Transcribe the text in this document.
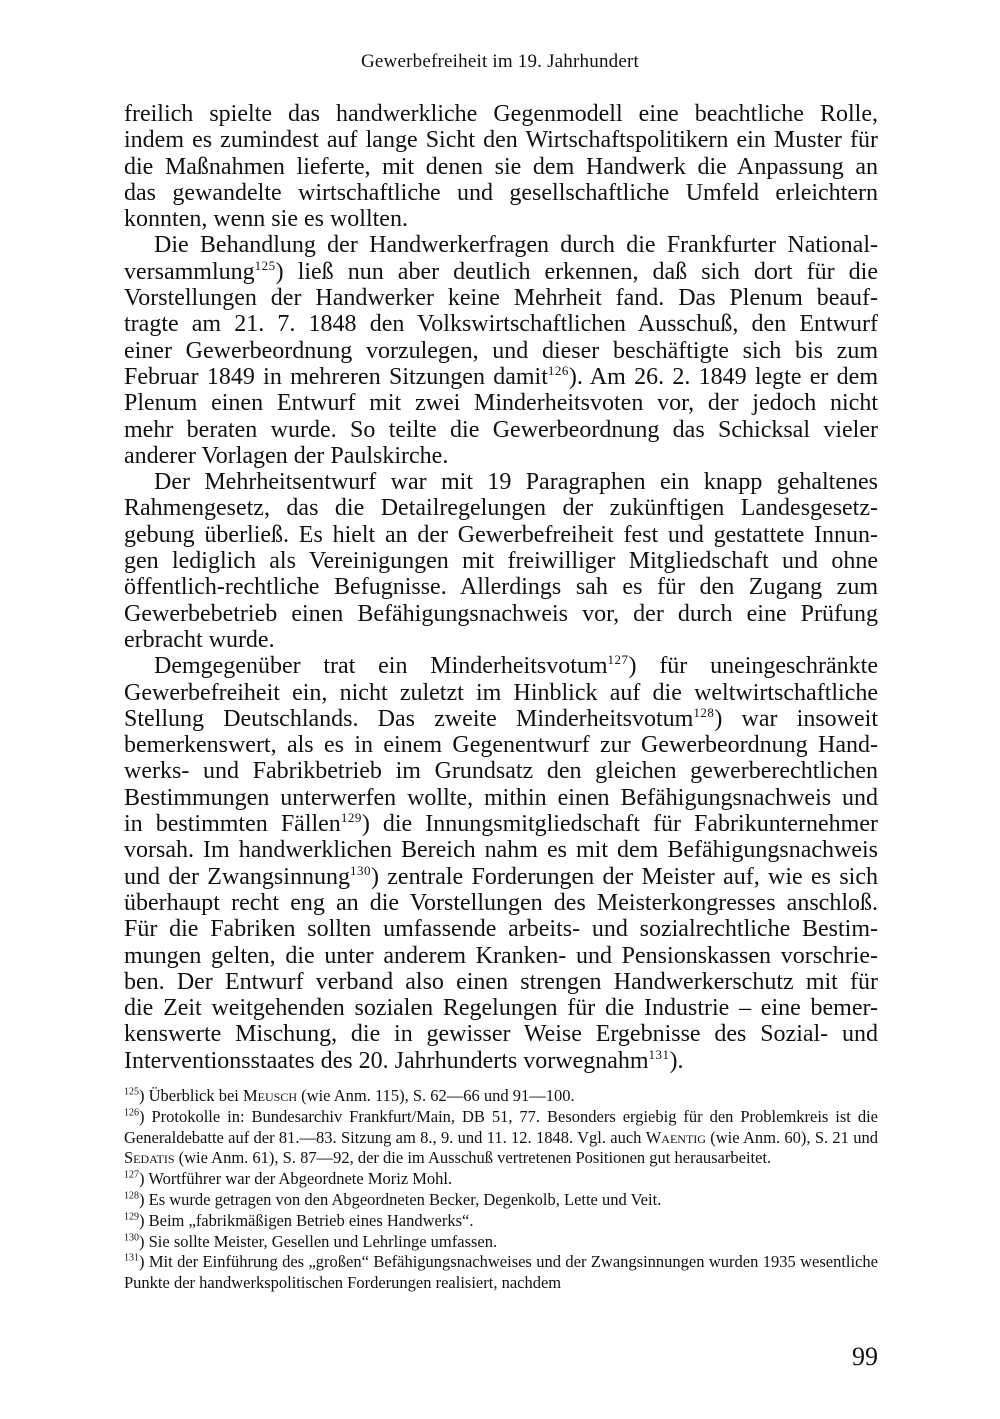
Gewerbefreiheit im 19. Jahrhundert

freilich spielte das handwerkliche Gegenmodell eine beachtliche Rolle,
indem es zumindest auf lange Sicht den Wirtschaftspolitikern ein Muster für
die Maßnahmen lieferte, mit denen sie dem Handwerk die Anpassung an
das gewandelte wirtschaftliche und gesellschaftliche Umfeld erleichtern
konnten, wenn sie es wollten.

Die Behandlung der Handwerkerfragen durch die Frankfurter National-
versammlung$^{125}$) ließ nun aber deutlich erkennen, daß sich dort für die
Vorstellungen der Handwerker keine Mehrheit fand. Das Plenum beauf-
tragte am 21. 7. 1848 den Volkswirtschaftlichen Ausschuß, den Entwurf
einer Gewerbeordnung vorzulegen, und dieser beschäftigte sich bis zum
Februar 1849 in mehreren Sitzungen damit$^{126}$). Am 26. 2. 1849 legte er dem
Plenum einen Entwurf mit zwei Minderheitsvoten vor, der jedoch nicht
mehr beraten wurde. So teilte die Gewerbeordnung das Schicksal vieler
anderer Vorlagen der Paulskirche.

Der Mehrheitsentwurf war mit 19 Paragraphen ein knapp gehaltenes
Rahmengesetz, das die Detailregelungen der zukünftigen Landesgesetz-
gebung überließ. Es hielt an der Gewerbefreiheit fest und gestattete Innun-
gen lediglich als Vereinigungen mit freiwilliger Mitgliedschaft und ohne
öffentlich-rechtliche Befugnisse. Allerdings sah es für den Zugang zum
Gewerbebetrieb einen Befähigungsnachweis vor, der durch eine Prüfung
erbracht wurde.

Demgegenüber trat ein Minderheitsvotum$^{127}$) für uneingeschränkte
Gewerbefreiheit ein, nicht zuletzt im Hinblick auf die weltwirtschaftliche
Stellung Deutschlands. Das zweite Minderheitsvotum$^{128}$) war insoweit
bemerkenswert, als es in einem Gegenentwurf zur Gewerbeordnung Hand-
werks- und Fabrikbetrieb im Grundsatz den gleichen gewerberechtlichen
Bestimmungen unterwerfen wollte, mithin einen Befähigungsnachweis und
in bestimmten Fällen$^{129}$) die Innungsmitgliedschaft für Fabrikunternehmer
vorsah. Im handwerklichen Bereich nahm es mit dem Befähigungsnachweis
und der Zwangsinnung$^{130}$) zentrale Forderungen der Meister auf, wie es sich
überhaupt recht eng an die Vorstellungen des Meisterkongresses anschloß.
Für die Fabriken sollten umfassende arbeits- und sozialrechtliche Bestim-
mungen gelten, die unter anderem Kranken- und Pensionskassen vorschrie-
ben. Der Entwurf verband also einen strengen Handwerkerschutz mit für
die Zeit weitgehenden sozialen Regelungen für die Industrie – eine bemer-
kenswerte Mischung, die in gewisser Weise Ergebnisse des Sozial- und
Interventionsstaates des 20. Jahrhunderts vorwegnahm$^{131}$).

$^{125}$) Überblick bei Meusch (wie Anm. 115), S. 62—66 und 91—100.

$^{126}$) Protokolle in: Bundesarchiv Frankfurt/Main, DB 51, 77. Besonders ergiebig für den Problemkreis ist die Generaldebatte auf der 81.—83. Sitzung am 8., 9. und 11. 12. 1848. Vgl. auch Waentig (wie Anm. 60), S. 21 und Sedatis (wie Anm. 61), S. 87—92, der die im Ausschuß vertretenen Positionen gut herausarbeitet.

$^{127}$) Wortführer war der Abgeordnete Moriz Mohl.

$^{128}$) Es wurde getragen von den Abgeordneten Becker, Degenkolb, Lette und Veit.

$^{129}$) Beim „fabrikmäßigen Betrieb eines Handwerks“.

$^{130}$) Sie sollte Meister, Gesellen und Lehrlinge umfassen.

$^{131}$) Mit der Einführung des „großen“ Befähigungsnachweises und der Zwangsinnungen wurden 1935 wesentliche Punkte der handwerkspolitischen Forderungen realisiert, nachdem

99
